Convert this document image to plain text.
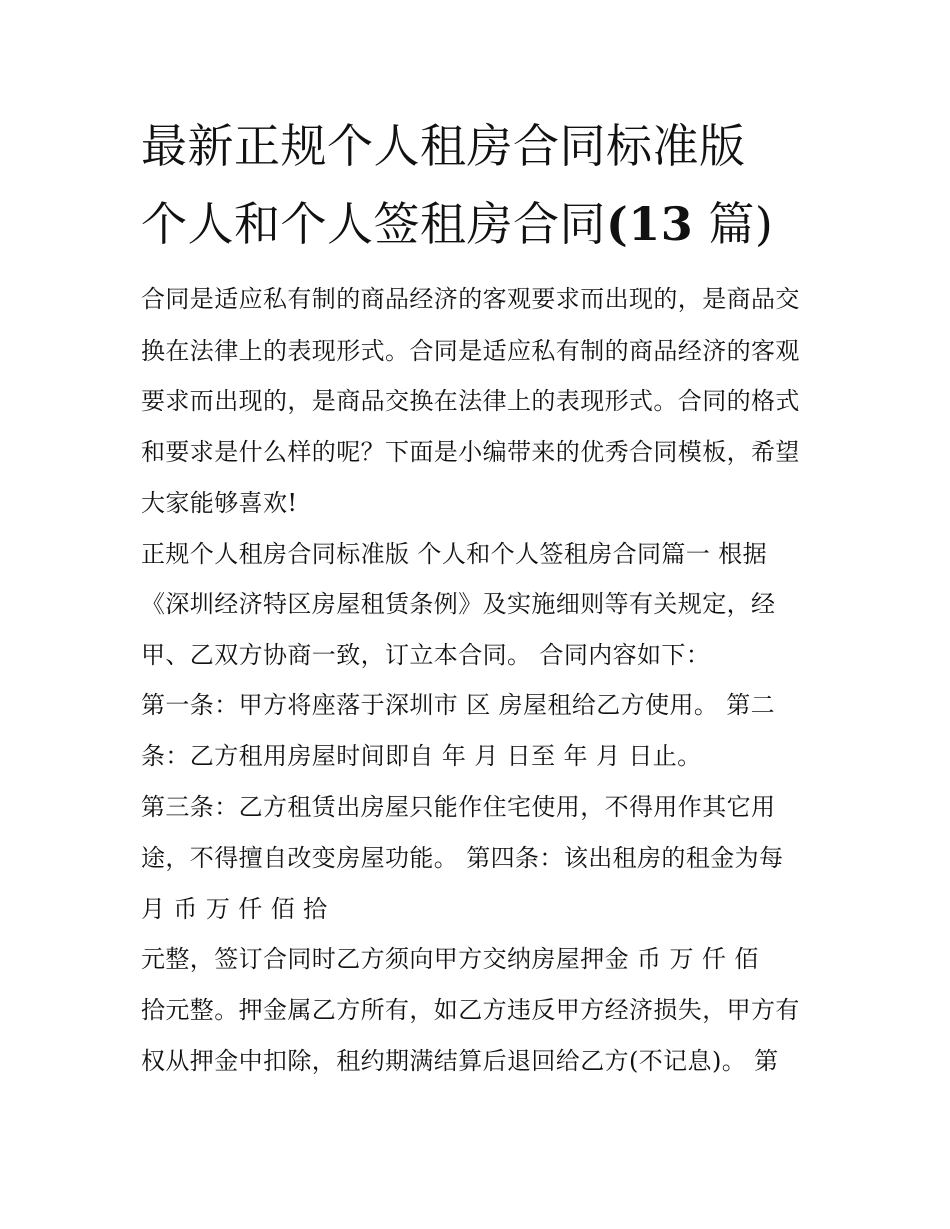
最新正规个人租房合同标准版
个人和个人签租房合同(13 篇)
合同是适应私有制的商品经济的客观要求而出现的，是商品交
换在法律上的表现形式。合同是适应私有制的商品经济的客观
要求而出现的，是商品交换在法律上的表现形式。合同的格式
和要求是什么样的呢？下面是小编带来的优秀合同模板，希望
大家能够喜欢!
正规个人租房合同标准版 个人和个人签租房合同篇一 根据
《深圳经济特区房屋租赁条例》及实施细则等有关规定，经
甲、乙双方协商一致，订立本合同。 合同内容如下：
第一条：甲方将座落于深圳市 区 房屋租给乙方使用。 第二
条：乙方租用房屋时间即自 年 月 日至 年 月 日止。
第三条：乙方租赁出房屋只能作住宅使用，不得用作其它用
途，不得擅自改变房屋功能。 第四条：该出租房的租金为每
月 币 万 仟 佰 拾
元整，签订合同时乙方须向甲方交纳房屋押金 币 万 仟 佰
拾元整。押金属乙方所有，如乙方违反甲方经济损失，甲方有
权从押金中扣除，租约期满结算后退回给乙方(不记息)。 第
